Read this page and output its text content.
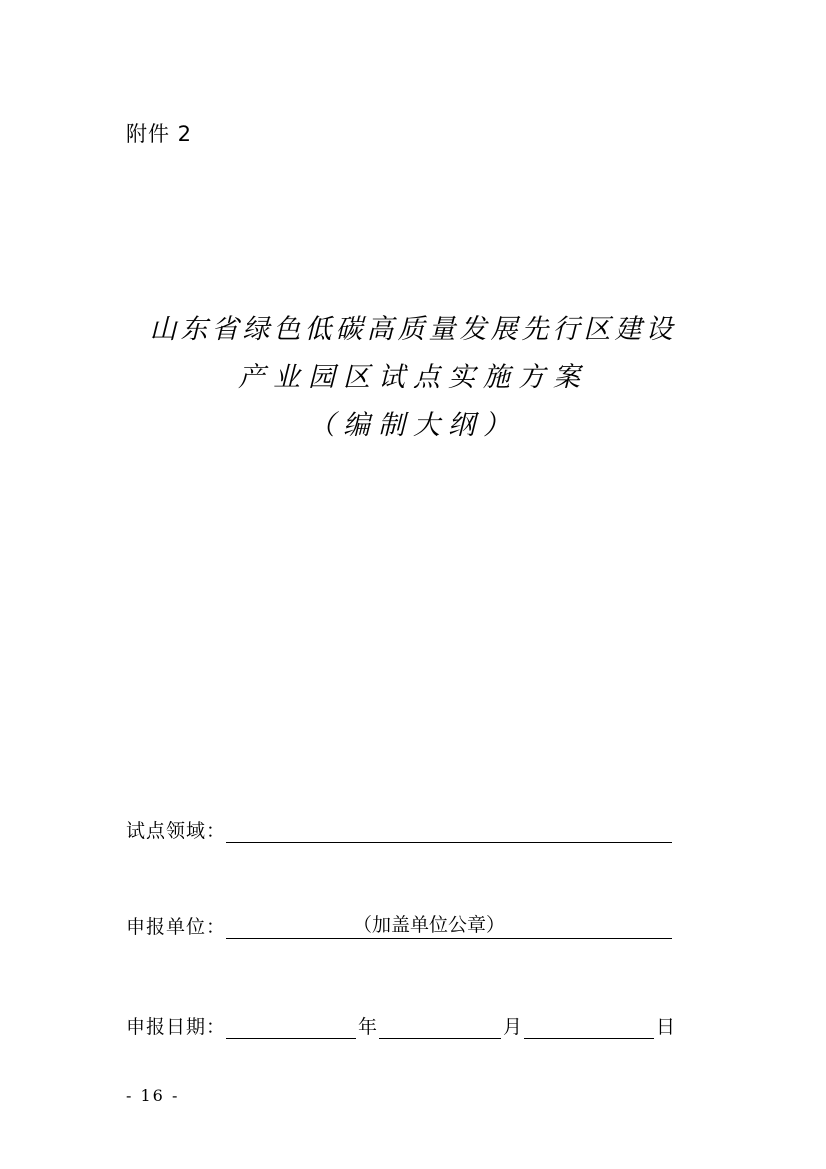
附件 2
山东省绿色低碳高质量发展先行区建设
产业园区试点实施方案
（编制大纲）
试点领域：
申报单位：	（加盖单位公章）
申报日期：	年	月	日
- 16 -
